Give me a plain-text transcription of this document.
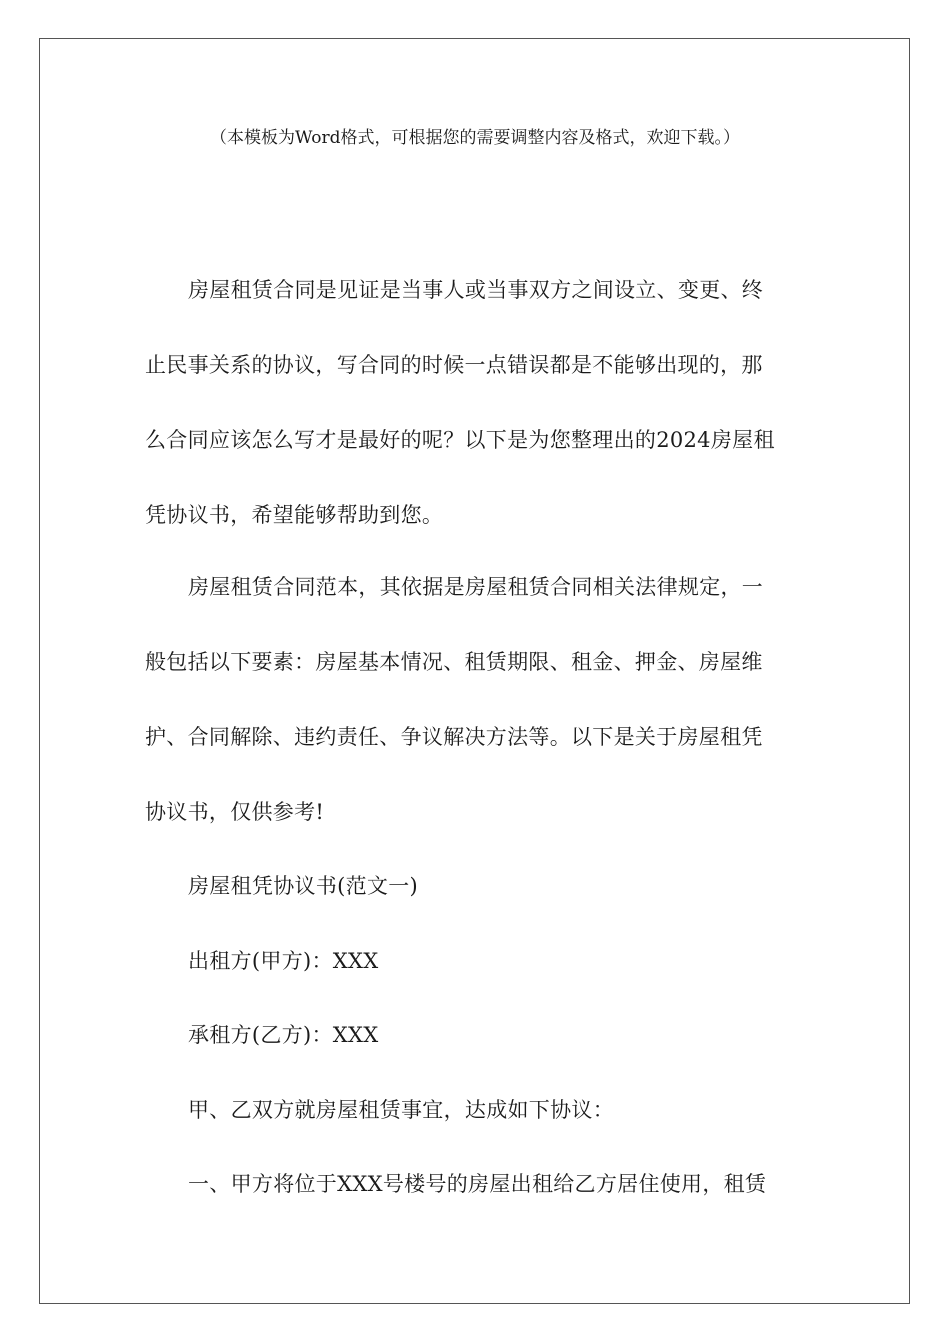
（本模板为Word格式，可根据您的需要调整内容及格式，欢迎下载。）
房屋租赁合同是见证是当事人或当事双方之间设立、变更、终
止民事关系的协议，写合同的时候一点错误都是不能够出现的，那
么合同应该怎么写才是最好的呢？以下是为您整理出的2024房屋租
凭协议书，希望能够帮助到您。
房屋租赁合同范本，其依据是房屋租赁合同相关法律规定，一
般包括以下要素：房屋基本情况、租赁期限、租金、押金、房屋维
护、合同解除、违约责任、争议解决方法等。以下是关于房屋租凭
协议书，仅供参考!
房屋租凭协议书(范文一)
出租方(甲方)：XXX
承租方(乙方)：XXX
甲、乙双方就房屋租赁事宜，达成如下协议：
一、甲方将位于XXX号楼号的房屋出租给乙方居住使用，租赁
